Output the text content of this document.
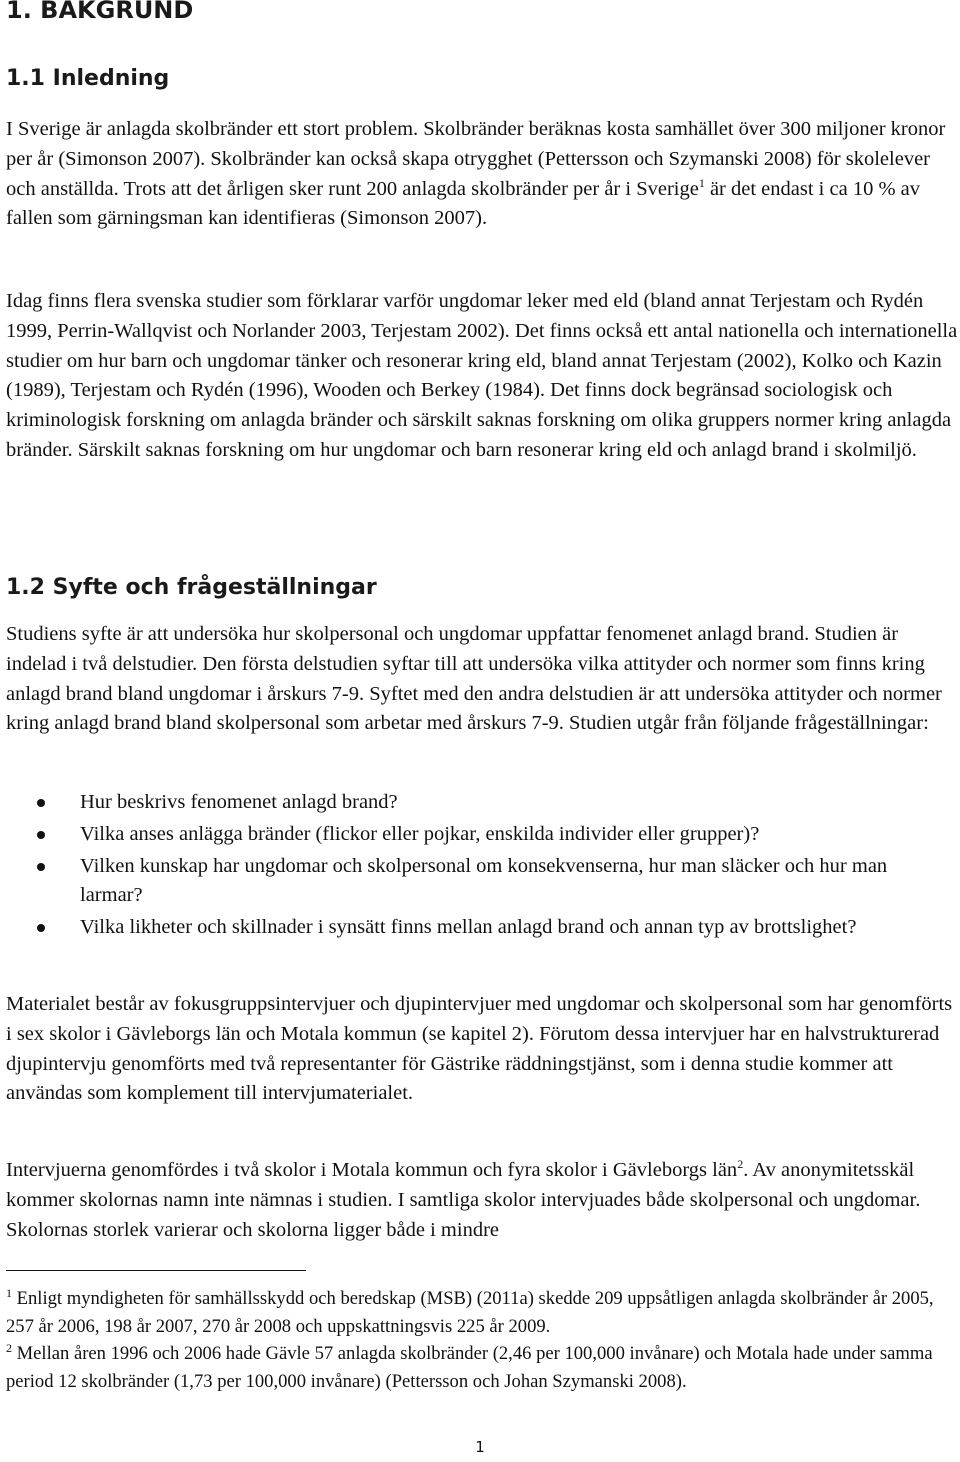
1. BAKGRUND
1.1 Inledning

I Sverige är anlagda skolbränder ett stort problem. Skolbränder beräknas kosta samhället över 300 miljoner kronor per år (Simonson 2007). Skolbränder kan också skapa otrygghet (Pettersson och Szymanski 2008) för skolelever och anställda. Trots att det årligen sker runt 200 anlagda skolbränder per år i Sverige$^1$ är det endast i ca 10 % av fallen som gärningsman kan identifieras (Simonson 2007).

Idag finns flera svenska studier som förklarar varför ungdomar leker med eld (bland annat Terjestam och Rydén 1999, Perrin-Wallqvist och Norlander 2003, Terjestam 2002). Det finns också ett antal nationella och internationella studier om hur barn och ungdomar tänker och resonerar kring eld, bland annat Terjestam (2002), Kolko och Kazin (1989), Terjestam och Rydén (1996), Wooden och Berkey (1984). Det finns dock begränsad sociologisk och kriminologisk forskning om anlagda bränder och särskilt saknas forskning om olika gruppers normer kring anlagda bränder. Särskilt saknas forskning om hur ungdomar och barn resonerar kring eld och anlagd brand i skolmiljö.

1.2 Syfte och frågeställningar

Studiens syfte är att undersöka hur skolpersonal och ungdomar uppfattar fenomenet anlagd brand. Studien är indelad i två delstudier. Den första delstudien syftar till att undersöka vilka attityder och normer som finns kring anlagd brand bland ungdomar i årskurs 7-9. Syftet med den andra delstudien är att undersöka attityder och normer kring anlagd brand bland skolpersonal som arbetar med årskurs 7-9. Studien utgår från följande frågeställningar:

Hur beskrivs fenomenet anlagd brand?
Vilka anses anlägga bränder (flickor eller pojkar, enskilda individer eller grupper)?
Vilken kunskap har ungdomar och skolpersonal om konsekvenserna, hur man släcker och hur man larmar?
Vilka likheter och skillnader i synsätt finns mellan anlagd brand och annan typ av brottslighet?

Materialet består av fokusgruppsintervjuer och djupintervjuer med ungdomar och skolpersonal som har genomförts i sex skolor i Gävleborgs län och Motala kommun (se kapitel 2). Förutom dessa intervjuer har en halvstrukturerad djupintervju genomförts med två representanter för Gästrike räddningstjänst, som i denna studie kommer att användas som komplement till intervjumaterialet.

Intervjuerna genomfördes i två skolor i Motala kommun och fyra skolor i Gävleborgs län$^2$. Av anonymitetsskäl kommer skolornas namn inte nämnas i studien. I samtliga skolor intervjuades både skolpersonal och ungdomar. Skolornas storlek varierar och skolorna ligger både i mindre

$^1$ Enligt myndigheten för samhällsskydd och beredskap (MSB) (2011a) skedde 209 uppsåtligen anlagda skolbränder år 2005, 257 år 2006, 198 år 2007, 270 år 2008 och uppskattningsvis 225 år 2009.

$^2$ Mellan åren 1996 och 2006 hade Gävle 57 anlagda skolbränder (2,46 per 100,000 invånare) och Motala hade under samma period 12 skolbränder (1,73 per 100,000 invånare) (Pettersson och Johan Szymanski 2008).

1
